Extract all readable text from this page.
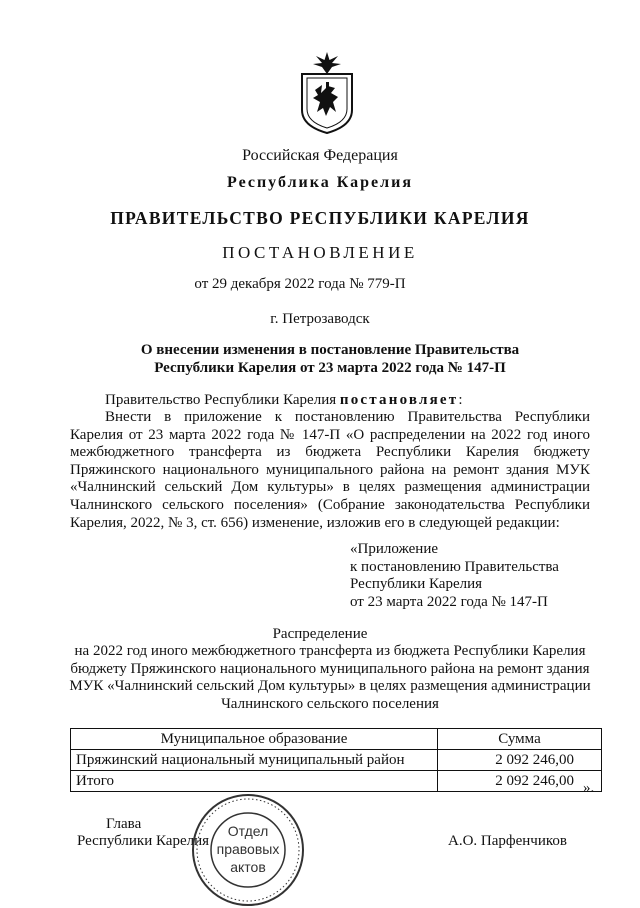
Российская Федерация
Республика Карелия
ПРАВИТЕЛЬСТВО РЕСПУБЛИКИ КАРЕЛИЯ
ПОСТАНОВЛЕНИЕ
от 29 декабря 2022 года № 779-П
г. Петрозаводск
О внесении изменения в постановление Правительства
Республики Карелия от 23 марта 2022 года № 147-П
Правительство Республики Карелия постановляет:
Внести в приложение к постановлению Правительства Республики Карелия от 23 марта 2022 года № 147-П «О распределении на 2022 год иного межбюджетного трансферта из бюджета Республики Карелия бюджету Пряжинского национального муниципального района на ремонт здания МУК «Чалнинский сельский Дом культуры» в целях размещения администрации Чалнинского сельского поселения» (Собрание законодательства Республики Карелия, 2022, № 3, ст. 656) изменение, изложив его в следующей редакции:
«Приложение
к постановлению Правительства
Республики Карелия
от 23 марта 2022 года № 147-П
Распределение
на 2022 год иного межбюджетного трансферта из бюджета Республики Карелия
бюджету Пряжинского национального муниципального района на ремонт здания
МУК «Чалнинский сельский Дом культуры» в целях размещения администрации
Чалнинского сельского поселения
Муниципальное образование	Сумма
Пряжинский национальный муниципальный район	2 092 246,00
Итого	2 092 246,00 ».
Глава
Республики Карелия	А.О. Парфенчиков
Отдел
правовых
актов
